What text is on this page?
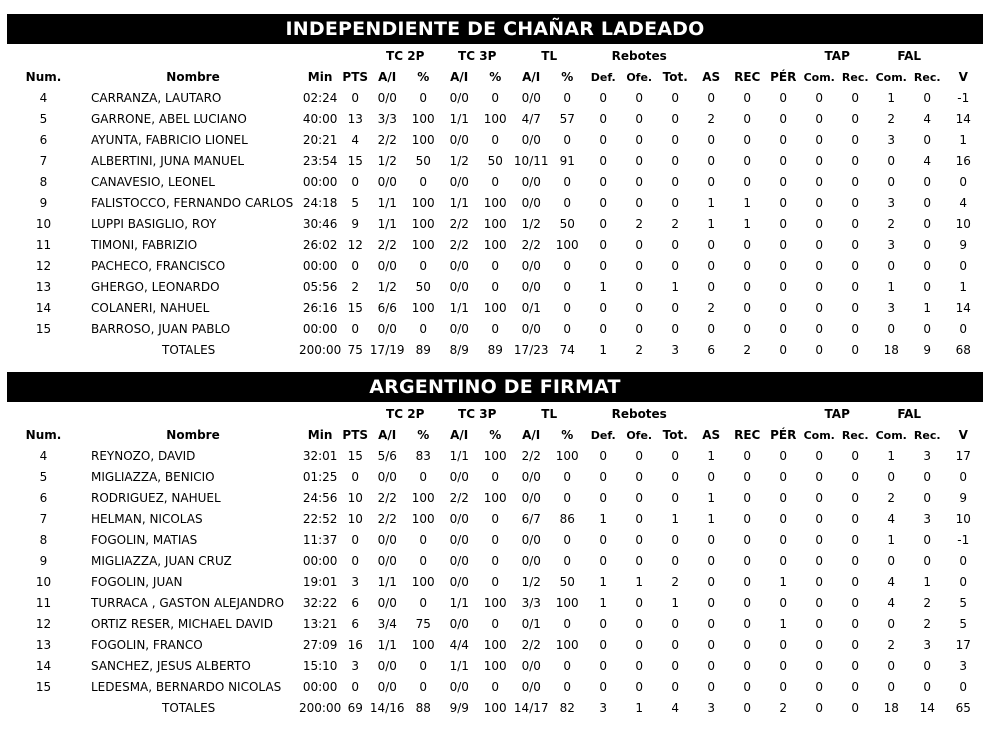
INDEPENDIENTE DE CHAÑAR LADEADO
				TC 2P		TC 3P		TL		Rebotes						TAP		FAL		
Num.	Nombre	Min	PTS	A/I	%	A/I	%	A/I	%	Def.	Ofe.	Tot.	AS	REC	PÉR	Com.	Rec.	Com.	Rec.	V
4	CARRANZA, LAUTARO	02:24	0	0/0	0	0/0	0	0/0	0	0	0	0	0	0	0	0	0	1	0	-1
5	GARRONE, ABEL LUCIANO	40:00	13	3/3	100	1/1	100	4/7	57	0	0	0	2	0	0	0	0	2	4	14
6	AYUNTA, FABRICIO LIONEL	20:21	4	2/2	100	0/0	0	0/0	0	0	0	0	0	0	0	0	0	3	0	1
7	ALBERTINI, JUNA MANUEL	23:54	15	1/2	50	1/2	50	10/11	91	0	0	0	0	0	0	0	0	0	4	16
8	CANAVESIO, LEONEL	00:00	0	0/0	0	0/0	0	0/0	0	0	0	0	0	0	0	0	0	0	0	0
9	FALISTOCCO, FERNANDO CARLOS	24:18	5	1/1	100	1/1	100	0/0	0	0	0	0	1	1	0	0	0	3	0	4
10	LUPPI BASIGLIO, ROY	30:46	9	1/1	100	2/2	100	1/2	50	0	2	2	1	1	0	0	0	2	0	10
11	TIMONI, FABRIZIO	26:02	12	2/2	100	2/2	100	2/2	100	0	0	0	0	0	0	0	0	3	0	9
12	PACHECO, FRANCISCO	00:00	0	0/0	0	0/0	0	0/0	0	0	0	0	0	0	0	0	0	0	0	0
13	GHERGO, LEONARDO	05:56	2	1/2	50	0/0	0	0/0	0	1	0	1	0	0	0	0	0	1	0	1
14	COLANERI, NAHUEL	26:16	15	6/6	100	1/1	100	0/1	0	0	0	0	2	0	0	0	0	3	1	14
15	BARROSO, JUAN PABLO	00:00	0	0/0	0	0/0	0	0/0	0	0	0	0	0	0	0	0	0	0	0	0
	TOTALES	200:00	75	17/19	89	8/9	89	17/23	74	1	2	3	6	2	0	0	0	18	9	68
ARGENTINO DE FIRMAT
				TC 2P		TC 3P		TL		Rebotes						TAP		FAL		
Num.	Nombre	Min	PTS	A/I	%	A/I	%	A/I	%	Def.	Ofe.	Tot.	AS	REC	PÉR	Com.	Rec.	Com.	Rec.	V
4	REYNOZO, DAVID	32:01	15	5/6	83	1/1	100	2/2	100	0	0	0	1	0	0	0	0	1	3	17
5	MIGLIAZZA, BENICIO	01:25	0	0/0	0	0/0	0	0/0	0	0	0	0	0	0	0	0	0	0	0	0
6	RODRIGUEZ, NAHUEL	24:56	10	2/2	100	2/2	100	0/0	0	0	0	0	1	0	0	0	0	2	0	9
7	HELMAN, NICOLAS	22:52	10	2/2	100	0/0	0	6/7	86	1	0	1	1	0	0	0	0	4	3	10
8	FOGOLIN, MATIAS	11:37	0	0/0	0	0/0	0	0/0	0	0	0	0	0	0	0	0	0	1	0	-1
9	MIGLIAZZA, JUAN CRUZ	00:00	0	0/0	0	0/0	0	0/0	0	0	0	0	0	0	0	0	0	0	0	0
10	FOGOLIN, JUAN	19:01	3	1/1	100	0/0	0	1/2	50	1	1	2	0	0	1	0	0	4	1	0
11	TURRACA , GASTON ALEJANDRO	32:22	6	0/0	0	1/1	100	3/3	100	1	0	1	0	0	0	0	0	4	2	5
12	ORTIZ RESER, MICHAEL DAVID	13:21	6	3/4	75	0/0	0	0/1	0	0	0	0	0	0	1	0	0	0	2	5
13	FOGOLIN, FRANCO	27:09	16	1/1	100	4/4	100	2/2	100	0	0	0	0	0	0	0	0	2	3	17
14	SANCHEZ, JESUS ALBERTO	15:10	3	0/0	0	1/1	100	0/0	0	0	0	0	0	0	0	0	0	0	0	3
15	LEDESMA, BERNARDO NICOLAS	00:00	0	0/0	0	0/0	0	0/0	0	0	0	0	0	0	0	0	0	0	0	0
	TOTALES	200:00	69	14/16	88	9/9	100	14/17	82	3	1	4	3	0	2	0	0	18	14	65
